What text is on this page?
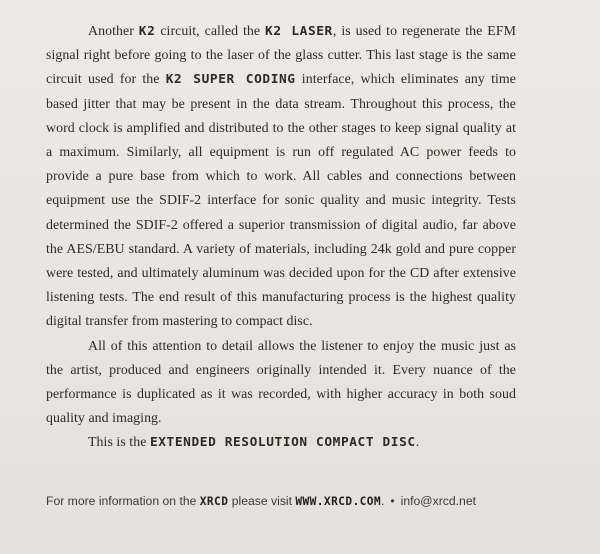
Another K2 circuit, called the K2 LASER, is used to regenerate the EFM signal right before going to the laser of the glass cutter. This last stage is the same circuit used for the K2 SUPER CODING interface, which eliminates any time based jitter that may be present in the data stream. Throughout this process, the word clock is amplified and distributed to the other stages to keep signal quality at a maximum. Similarly, all equipment is run off regulated AC power feeds to provide a pure base from which to work. All cables and connections between equipment use the SDIF-2 interface for sonic quality and music integrity. Tests determined the SDIF-2 offered a superior transmission of digital audio, far above the AES/EBU standard. A variety of materials, including 24k gold and pure copper were tested, and ultimately aluminum was decided upon for the CD after extensive listening tests. The end result of this manufacturing process is the highest quality digital transfer from mastering to compact disc.

All of this attention to detail allows the listener to enjoy the music just as the artist, produced and engineers originally intended it. Every nuance of the performance is duplicated as it was recorded, with higher accuracy in both soud quality and imaging.

This is the EXTENDED RESOLUTION COMPACT DISC.

For more information on the XRCD please visit WWW.XRCD.COM. • info@xrcd.net
